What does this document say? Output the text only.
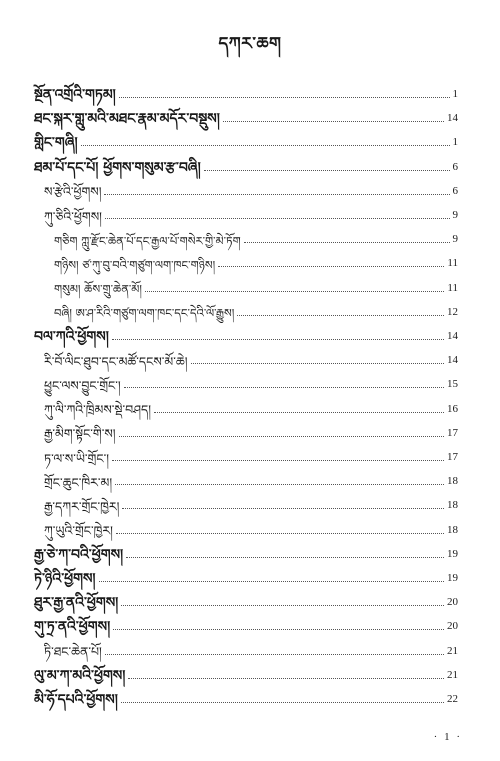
དཀར་ཆག
སྔོན་འགྲོའི་གཏམ།	1
ཐང་སྐར་གླུ་མའི་མཐང་རྣམ་མདོར་བསྡུས།	14
གླིང་གཞི།	1
ཐམ་པོ་དང་པོ། ཕྱོགས་གསུམ་རྩ་བཞི།	6
ས་རྩེའི་ཕྱོགས།	6
ཀུ་ཅིའི་ཕྱོགས།	9
གཅིག ཀླུ་རྫོང་ཆེན་པོ་དང་རྒྱལ་པོ་གསེར་གྱི་མེ་ཏོག	9
གཉིས། ཙ་ཀུ་བུ་བའི་གཙུག་ལག་ཁང་གཉིས།	11
གསུམ། ཆོས་གྲུ་ཆེན་མོ།	11
བཞི། ཨ་ཤ་རིའི་གཙུག་ལག་ཁང་དང་དེའི་ལོ་རྒྱུས།	12
བལ་ཀའི་ཕྱོགས།	14
རི་བོ་ལིང་ཐུབ་དང་མཚོ་དངས་མོ་ཆེ།	14
ཕྱུང་ལས་བྱུང་གྲོང་།	15
ཀུ་ལི་ཀའི་ཁྲིམས་སྡེ་བཤད།	16
རྒྱ་མིག་སྟོང་གི་ས།	17
ཏ་ལ་ས་ཡི་གྲོང་།	17
གྲོང་ཆུང་ཁིར་མ།	18
རྒྱ་དཀར་གྲོང་ཁྱེར།	18
ཀུ་ཡུའི་གྲོང་ཁྱེར།	18
རྒྱ་ཅེ་ཀ་བའི་ཕྱོགས།	19
ཏེ་ཉིའི་ཕྱོགས།	19
ཐུར་རྒྱ་ནའི་ཕྱོགས།	20
གུ་ཏྲ་ནའི་ཕྱོགས།	20
ཏི་ཐང་ཆེན་པོ།	21
ལུ་མ་ཀ་མའི་ཕྱོགས།	21
མི་ཧོ་དཔའི་ཕྱོགས།	22
· 1 ·
